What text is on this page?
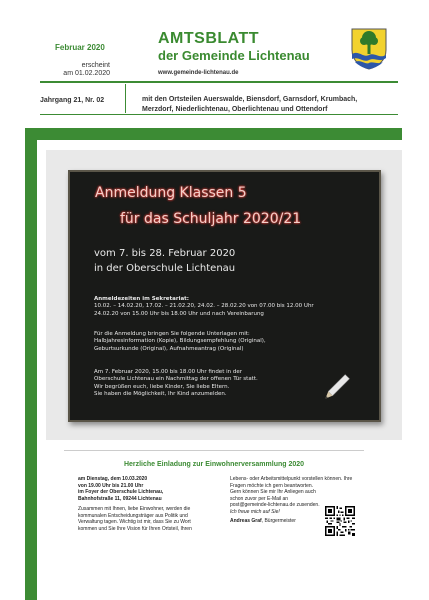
Februar 2020
erscheint
am 01.02.2020
AMTSBLATT
der Gemeinde Lichtenau
www.gemeinde-lichtenau.de
Jahrgang 21, Nr. 02	mit den Ortsteilen Auerswalde, Biensdorf, Garnsdorf, Krumbach,
Merzdorf, Niederlichtenau, Oberlichtenau und Ottendorf
Anmeldung Klassen 5
für das Schuljahr 2020/21
vom 7. bis 28. Februar 2020
in der Oberschule Lichtenau
Anmeldezeiten im Sekretariat:
10.02. – 14.02.20, 17.02. – 21.02.20, 24.02. – 28.02.20 von 07.00 bis 12.00 Uhr
24.02.20 von 15.00 Uhr bis 18.00 Uhr und nach Vereinbarung
Für die Anmeldung bringen Sie folgende Unterlagen mit:
Halbjahresinformation (Kopie), Bildungsempfehlung (Original),
Geburtsurkunde (Original), Aufnahmeantrag (Original)
Am 7. Februar 2020, 15.00 bis 18.00 Uhr findet in der
Oberschule Lichtenau ein Nachmittag der offenen Tür statt.
Wir begrüßen euch, liebe Kinder, Sie liebe Eltern.
Sie haben die Möglichkeit, Ihr Kind anzumelden.
Herzliche Einladung zur Einwohnerversammlung 2020
am Dienstag, dem 10.03.2020
von 19.00 Uhr bis 21.00 Uhr
im Foyer der Oberschule Lichtenau,
Bahnhofstraße 11, 09244 Lichtenau
Zusammen mit Ihnen, liebe Einwohner, werden die kommunalen Entscheidungsträger aus Politik und Verwaltung tagen. Wichtig ist mir, dass Sie zu Wort kommen und Sie Ihre Vision für Ihren Ortsteil, Ihren
Lebens- oder Arbeitsmittelpunkt vorstellen können. Ihre Fragen möchte ich gern beantworten.
Gern können Sie mir Ihr Anliegen auch schon zuvor per E-Mail an post@gemeinde-lichtenau.de zusenden.
Ich freue mich auf Sie!
Andreas Graf, Bürgermeister
